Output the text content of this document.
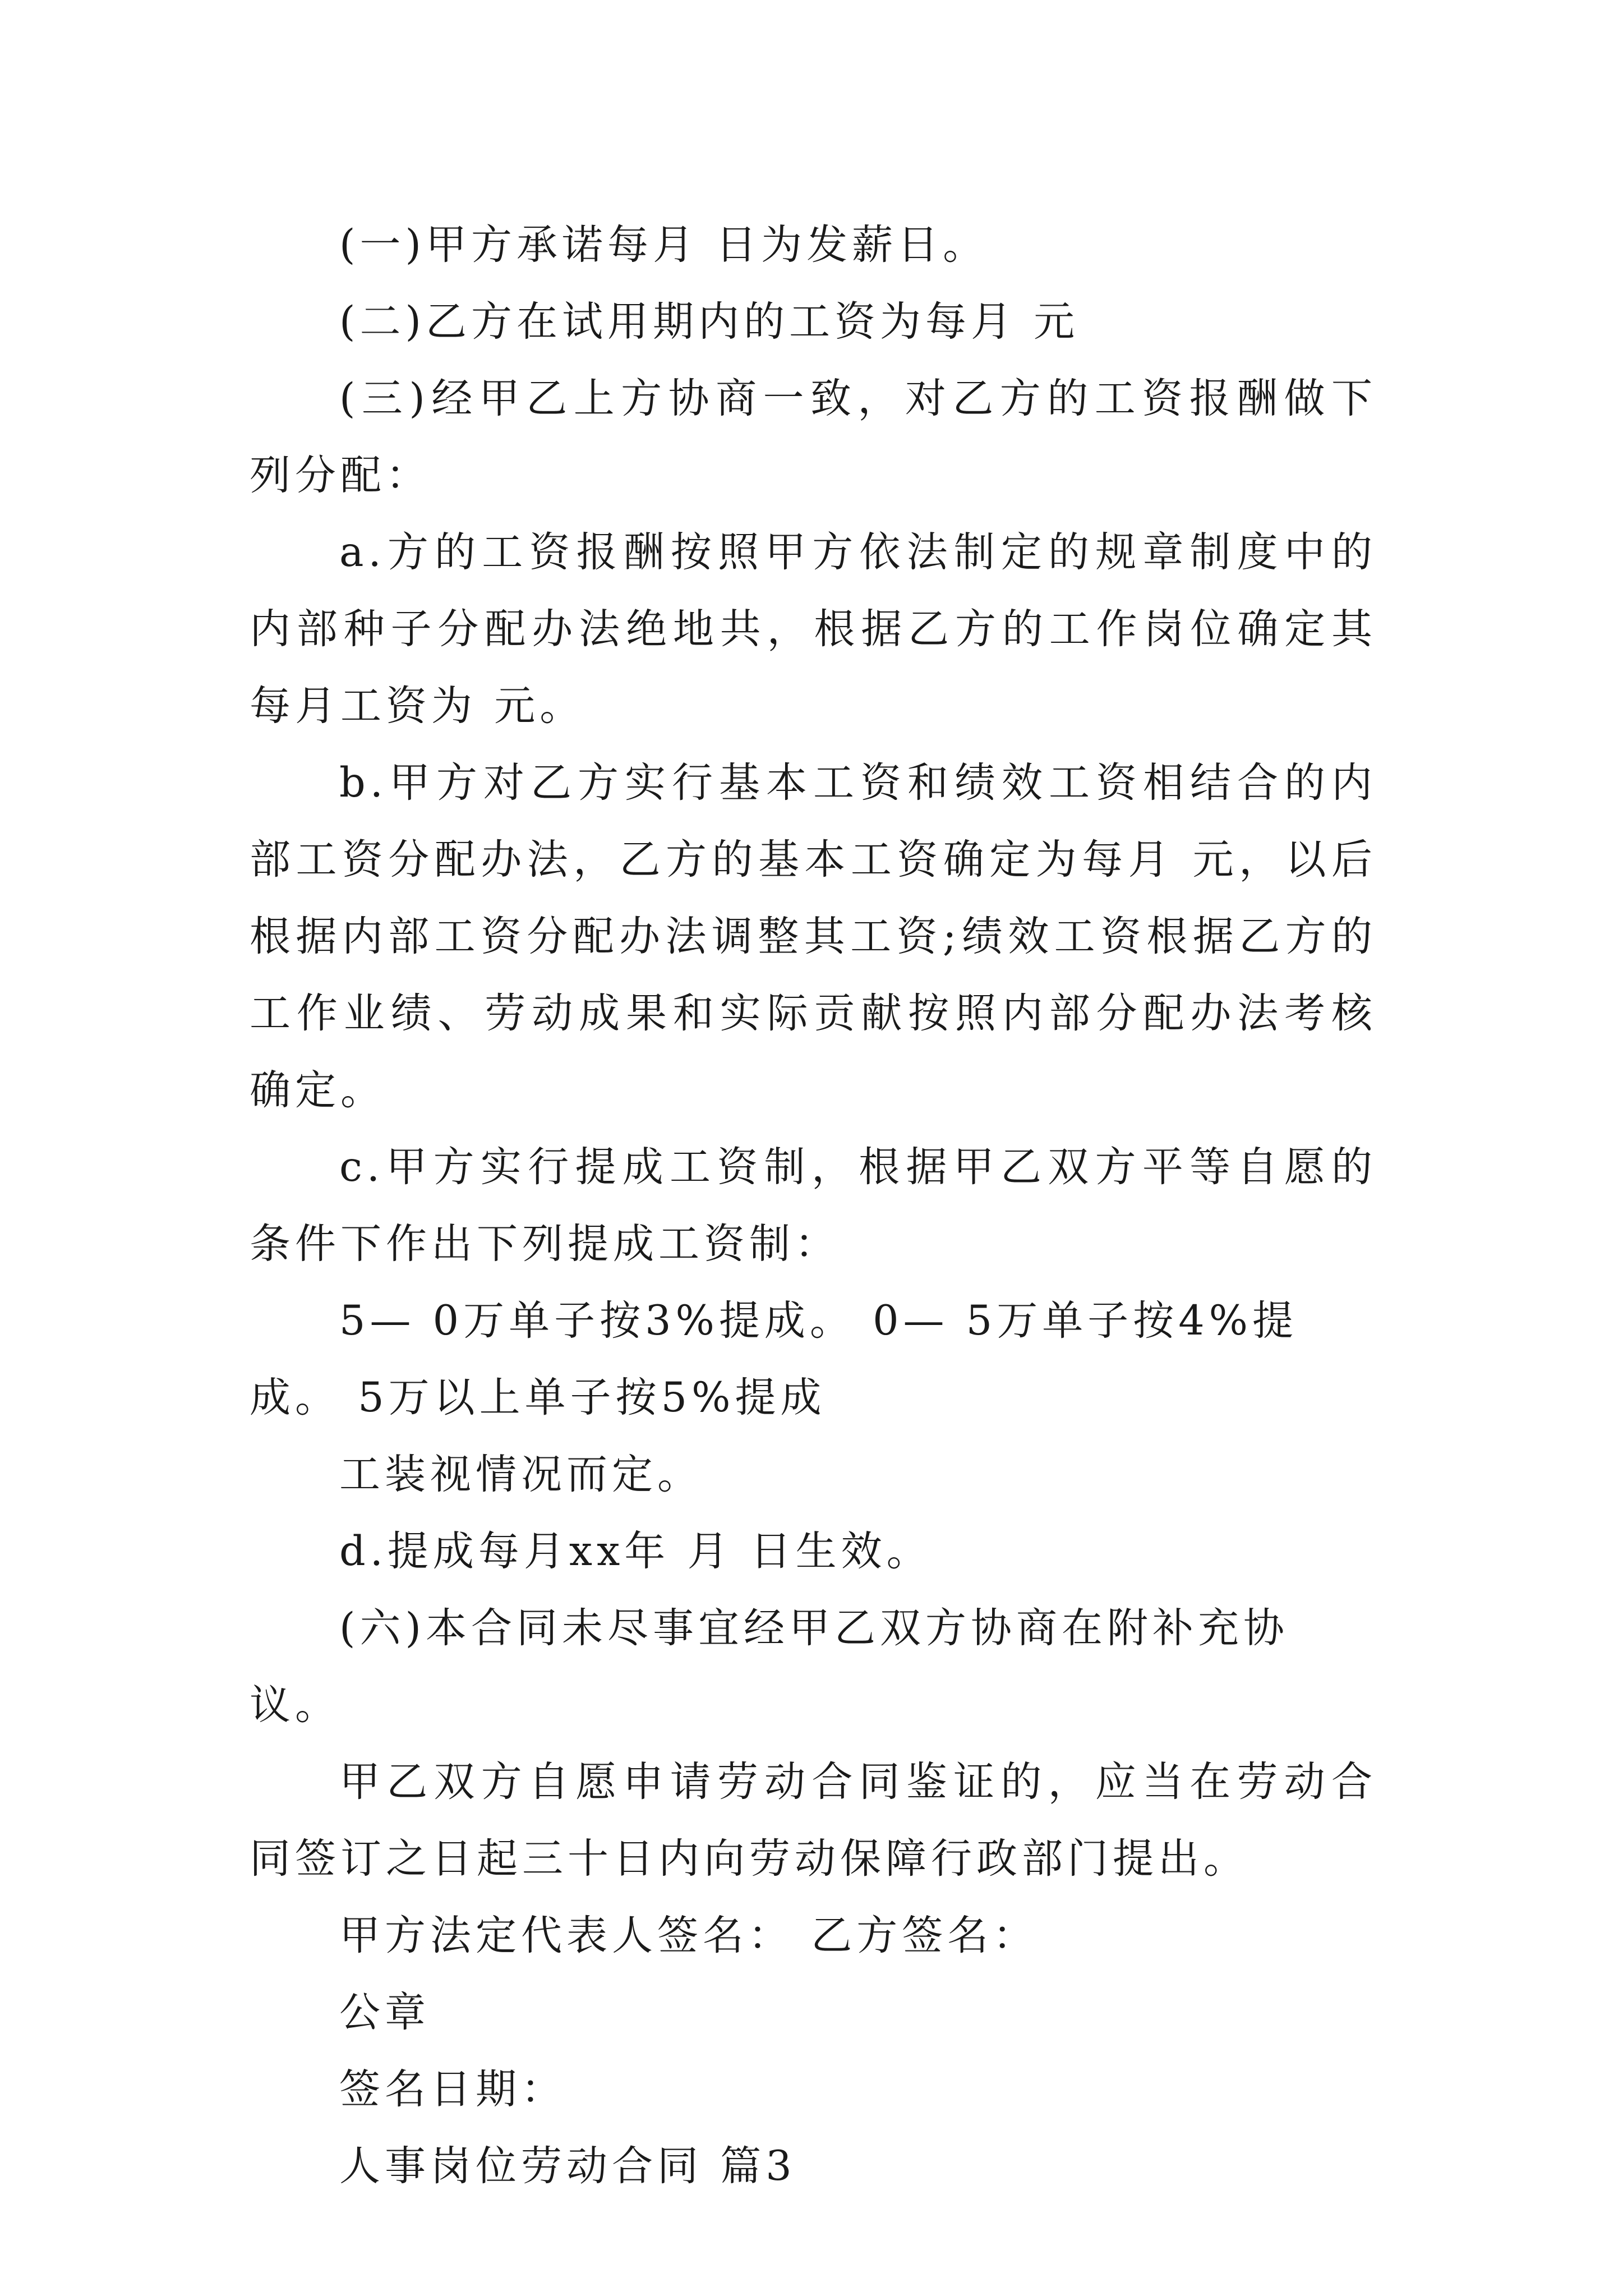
(一)甲方承诺每月 日为发薪日。

(二)乙方在试用期内的工资为每月 元

(三)经甲乙上方协商一致，对乙方的工资报酬做下列分配：

a.方的工资报酬按照甲方依法制定的规章制度中的内部种子分配办法绝地共，根据乙方的工作岗位确定其每月工资为 元。

b.甲方对乙方实行基本工资和绩效工资相结合的内部工资分配办法，乙方的基本工资确定为每月 元，以后根据内部工资分配办法调整其工资;绩效工资根据乙方的工作业绩、劳动成果和实际贡献按照内部分配办法考核确定。

c.甲方实行提成工资制，根据甲乙双方平等自愿的条件下作出下列提成工资制：

5— 0万单子按3%提成。 0— 5万单子按4%提成。 5万以上单子按5%提成

工装视情况而定。

d.提成每月xx年 月 日生效。

(六)本合同未尽事宜经甲乙双方协商在附补充协议。

甲乙双方自愿申请劳动合同鉴证的，应当在劳动合同签订之日起三十日内向劳动保障行政部门提出。

甲方法定代表人签名： 乙方签名：

公章

签名日期：

人事岗位劳动合同 篇3
